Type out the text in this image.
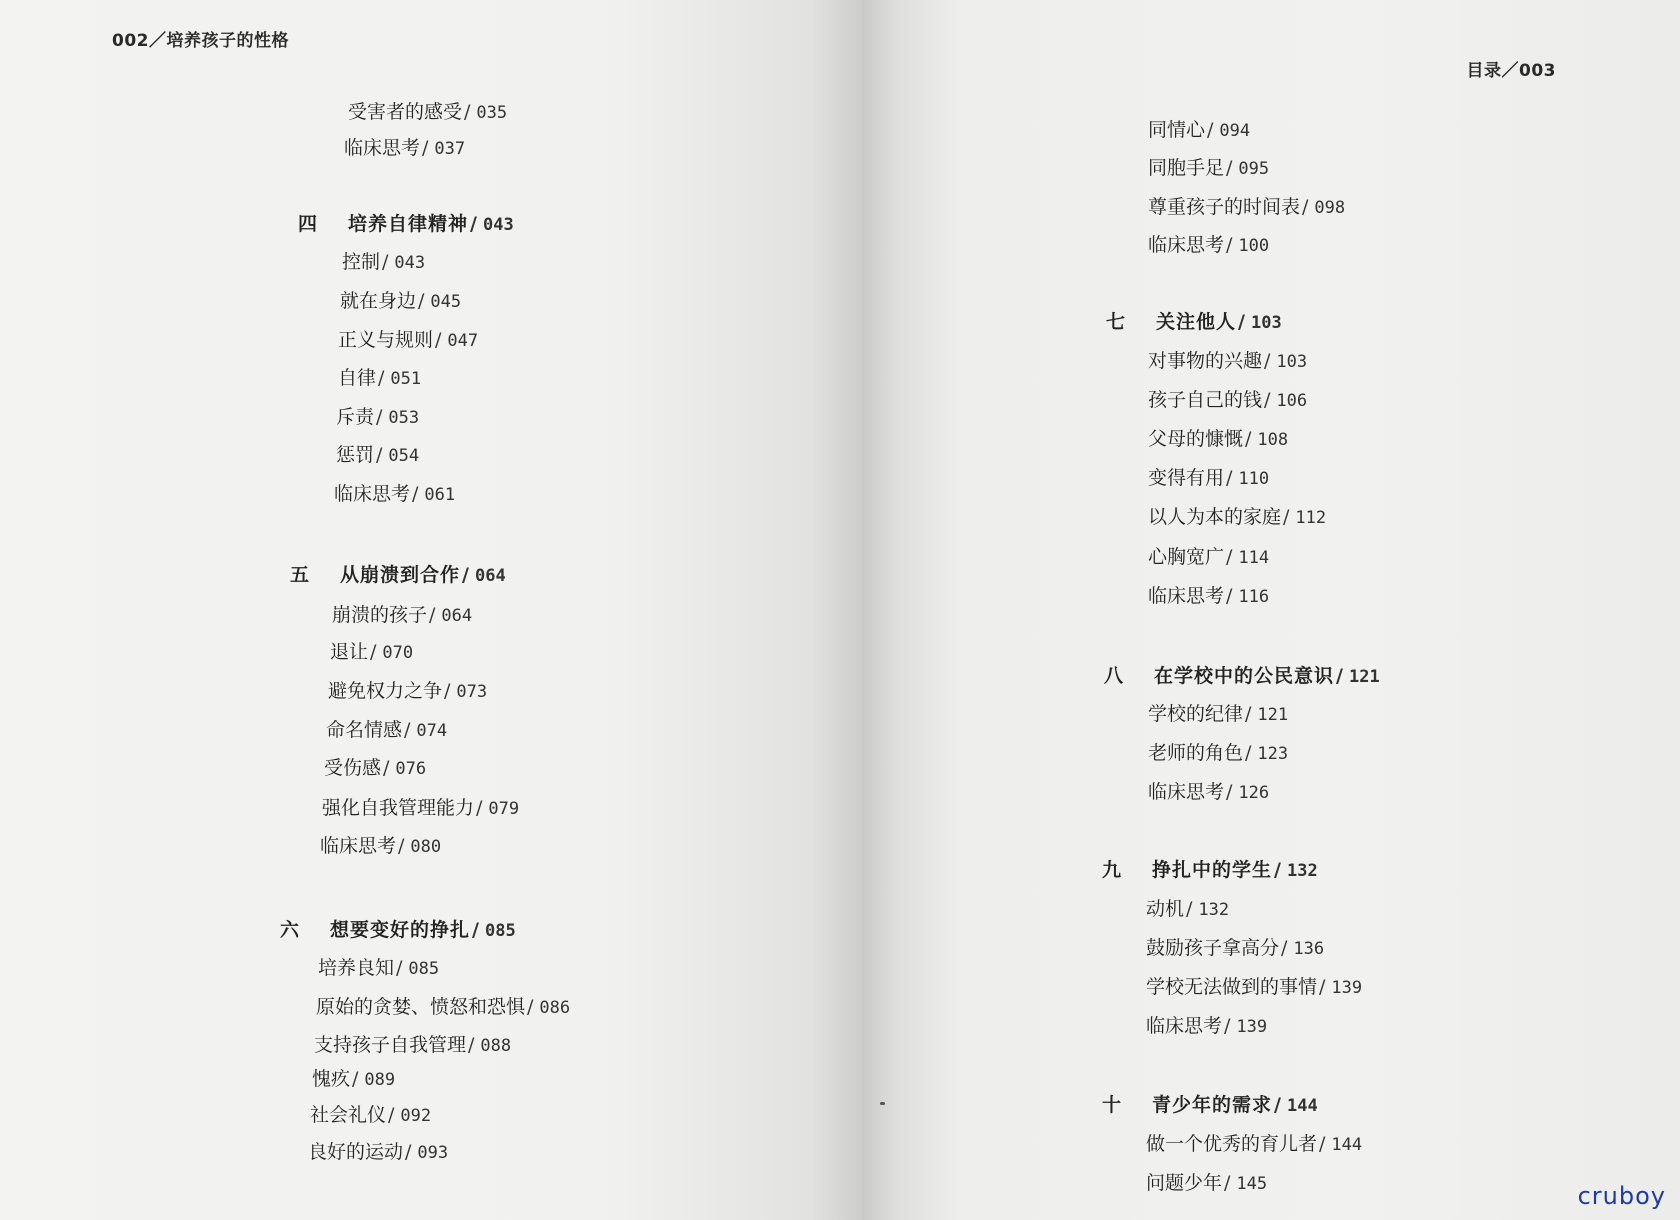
002／培养孩子的性格
受害者的感受 / 035
临床思考 / 037
四 培养自律精神 / 043
控制 / 043
就在身边 / 045
正义与规则 / 047
自律 / 051
斥责 / 053
惩罚 / 054
临床思考 / 061
五 从崩溃到合作 / 064
崩溃的孩子 / 064
退让 / 070
避免权力之争 / 073
命名情感 / 074
受伤感 / 076
强化自我管理能力 / 079
临床思考 / 080
六 想要变好的挣扎 / 085
培养良知 / 085
原始的贪婪、愤怒和恐惧 / 086
支持孩子自我管理 / 088
愧疚 / 089
社会礼仪 / 092
良好的运动 / 093
目录／003
同情心 / 094
同胞手足 / 095
尊重孩子的时间表 / 098
临床思考 / 100
七 关注他人 / 103
对事物的兴趣 / 103
孩子自己的钱 / 106
父母的慷慨 / 108
变得有用 / 110
以人为本的家庭 / 112
心胸宽广 / 114
临床思考 / 116
八 在学校中的公民意识 / 121
学校的纪律 / 121
老师的角色 / 123
临床思考 / 126
九 挣扎中的学生 / 132
动机 / 132
鼓励孩子拿高分 / 136
学校无法做到的事情 / 139
临床思考 / 139
十 青少年的需求 / 144
做一个优秀的育儿者 / 144
问题少年 / 145	cruboy
